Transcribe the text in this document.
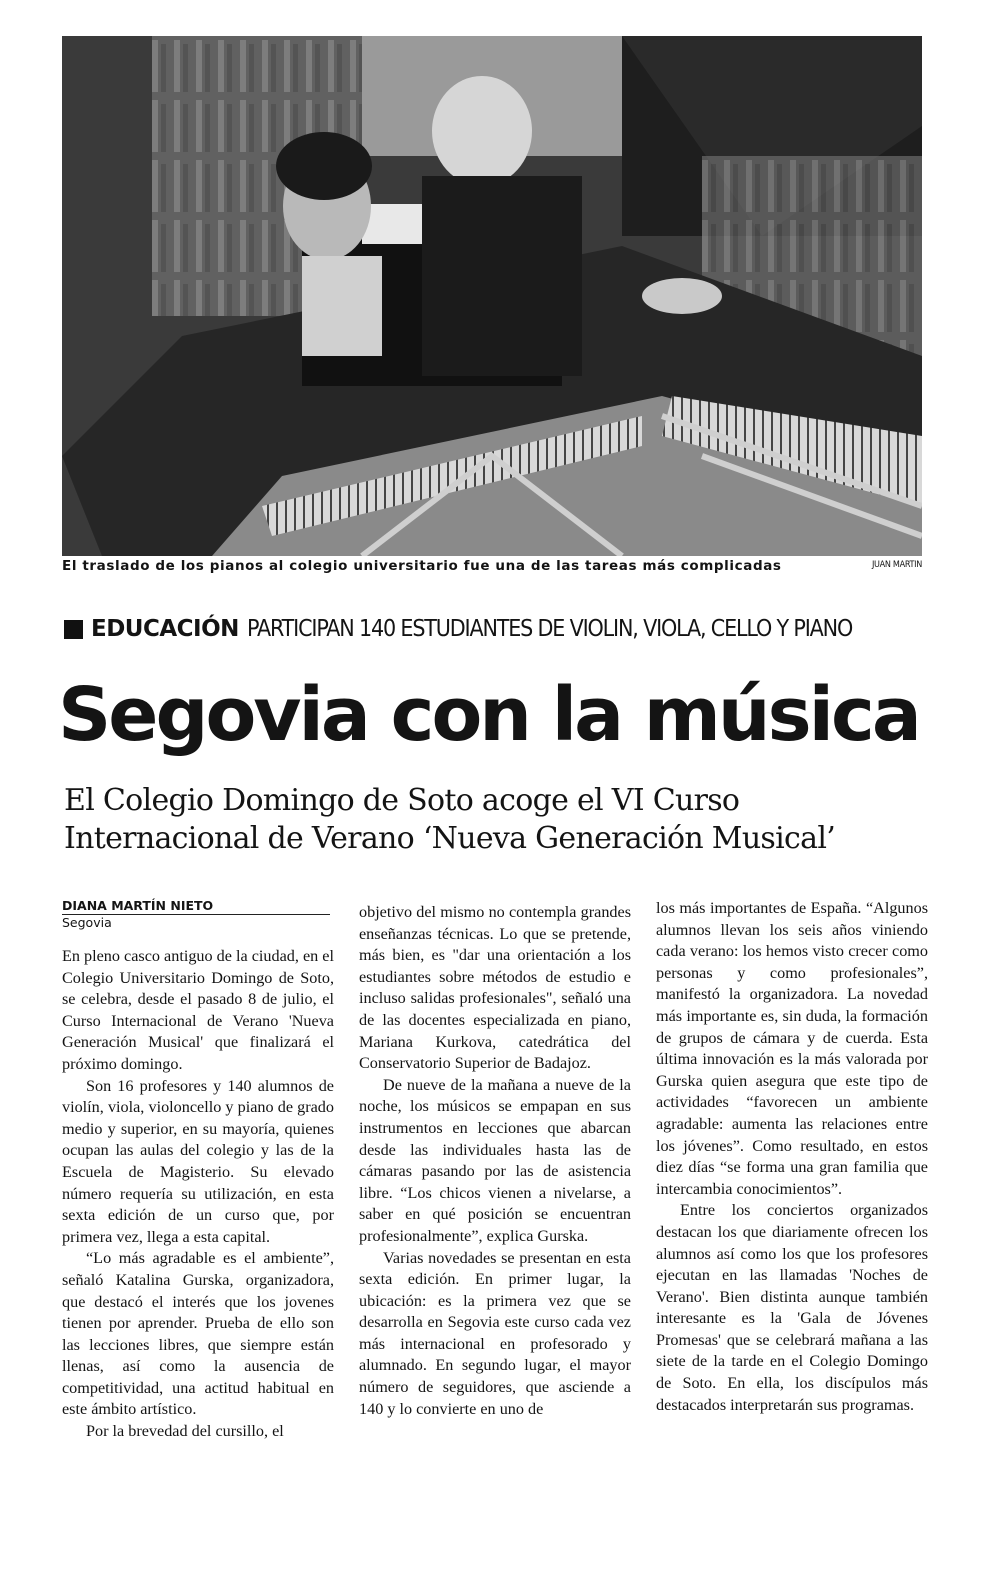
El traslado de los pianos al colegio universitario fue una de las tareas más complicadas	JUAN MARTIN
EDUCACIÓN PARTICIPAN 140 ESTUDIANTES DE VIOLIN, VIOLA, CELLO Y PIANO
Segovia con la música
El Colegio Domingo de Soto acoge el VI Curso
Internacional de Verano ‘Nueva Generación Musical’
DIANA MARTÍN NIETO
Segovia

En pleno casco antiguo de la ciudad, en el Colegio Universitario Domingo de Soto, se celebra, desde el pasado 8 de julio, el Curso Internacional de Verano 'Nueva Generación Musical' que finalizará el próximo domingo.

Son 16 profesores y 140 alumnos de violín, viola, violoncello y piano de grado medio y superior, en su mayoría, quienes ocupan las aulas del colegio y las de la Escuela de Magisterio. Su elevado número requería su utilización, en esta sexta edición de un curso que, por primera vez, llega a esta capital.

“Lo más agradable es el ambiente”, señaló Katalina Gurska, organizadora, que destacó el interés que los jovenes tienen por aprender. Prueba de ello son las lecciones libres, que siempre están llenas, así como la ausencia de competitividad, una actitud habitual en este ámbito artístico.

Por la brevedad del cursillo, el

objetivo del mismo no contempla grandes enseñanzas técnicas. Lo que se pretende, más bien, es "dar una orientación a los estudiantes sobre métodos de estudio e incluso salidas profesionales", señaló una de las docentes especializada en piano, Mariana Kurkova, catedrática del Conservatorio Superior de Badajoz.

De nueve de la mañana a nueve de la noche, los músicos se empapan en sus instrumentos en lecciones que abarcan desde las individuales hasta las de cámaras pasando por las de asistencia libre. “Los chicos vienen a nivelarse, a saber en qué posición se encuentran profesionalmente”, explica Gurska.

Varias novedades se presentan en esta sexta edición. En primer lugar, la ubicación: es la primera vez que se desarrolla en Segovia este curso cada vez más internacional en profesorado y alumnado. En segundo lugar, el mayor número de seguidores, que asciende a 140 y lo convierte en uno de

los más importantes de España. “Algunos alumnos llevan los seis años viniendo cada verano: los hemos visto crecer como personas y como profesionales”, manifestó la organizadora. La novedad más importante es, sin duda, la formación de grupos de cámara y de cuerda. Esta última innovación es la más valorada por Gurska quien asegura que este tipo de actividades “favorecen un ambiente agradable: aumenta las relaciones entre los jóvenes”. Como resultado, en estos diez días “se forma una gran familia que intercambia conocimientos”.

Entre los conciertos organizados destacan los que diariamente ofrecen los alumnos así como los que los profesores ejecutan en las llamadas 'Noches de Verano'. Bien distinta aunque también interesante es la 'Gala de Jóvenes Promesas' que se celebrará mañana a las siete de la tarde en el Colegio Domingo de Soto. En ella, los discípulos más destacados interpretarán sus programas.
